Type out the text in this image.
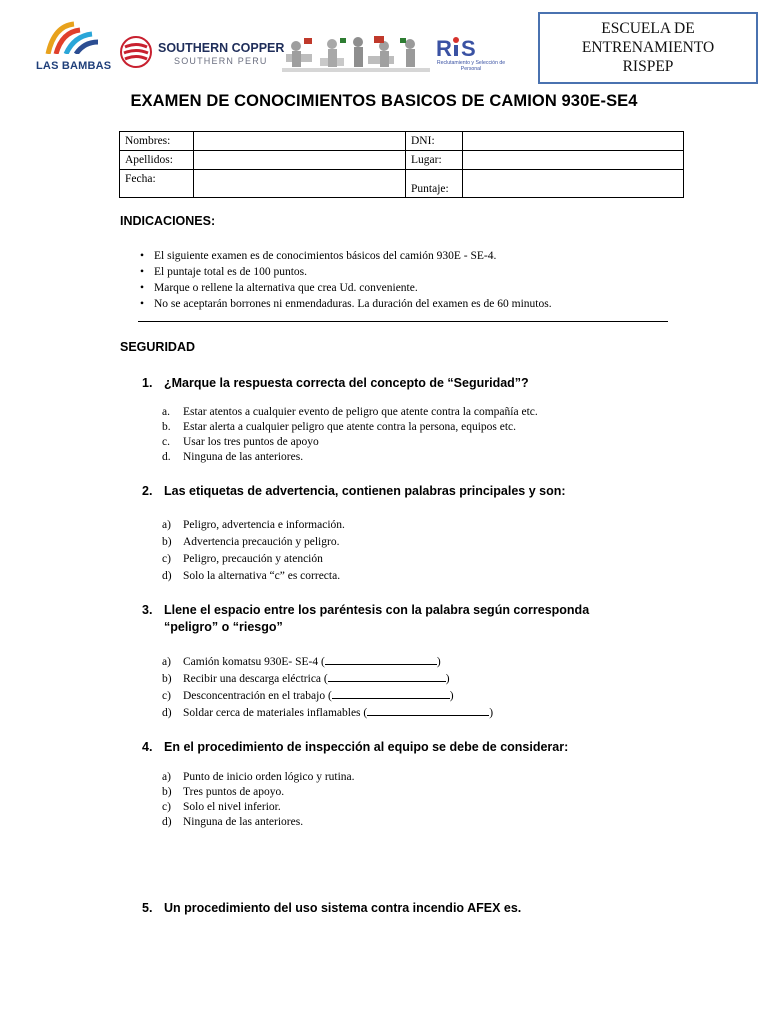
LAS BAMBAS
SOUTHERN COPPER
SOUTHERN PERU	R S
Reclutamiento y Selección de Personal
ESCUELA DE
ENTRENAMIENTO
RISPEP
EXAMEN DE CONOCIMIENTOS BASICOS DE CAMION 930E-SE4
Nombres:		DNI:	
Apellidos:		Lugar:	
Fecha:		Puntaje:	
INDICACIONES:
• El siguiente examen es de conocimientos básicos del camión 930E - SE-4.
• El puntaje total es de 100 puntos.
• Marque o rellene la alternativa que crea Ud. conveniente.
• No se aceptarán borrones ni enmendaduras. La duración del examen es de 60 minutos.
SEGURIDAD
1. ¿Marque la respuesta correcta del concepto de “Seguridad”?
a. Estar atentos a cualquier evento de peligro que atente contra la compañía etc.
b. Estar alerta a cualquier peligro que atente contra la persona, equipos etc.
c. Usar los tres puntos de apoyo
d. Ninguna de las anteriores.
2. Las etiquetas de advertencia, contienen palabras principales y son:
a) Peligro, advertencia e información.
b) Advertencia precaución y peligro.
c) Peligro, precaución y atención
d) Solo la alternativa “c” es correcta.
3. Llene el espacio entre los paréntesis con la palabra según corresponda “peligro” o “riesgo”
a) Camión komatsu 930E- SE-4 (	)
b) Recibir una descarga eléctrica (	)
c) Desconcentración en el trabajo (	)
d) Soldar cerca de materiales inflamables (	)
4. En el procedimiento de inspección al equipo se debe de considerar:
a) Punto de inicio orden lógico y rutina.
b) Tres puntos de apoyo.
c) Solo el nivel inferior.
d) Ninguna de las anteriores.
5. Un procedimiento del uso sistema contra incendio AFEX es.
